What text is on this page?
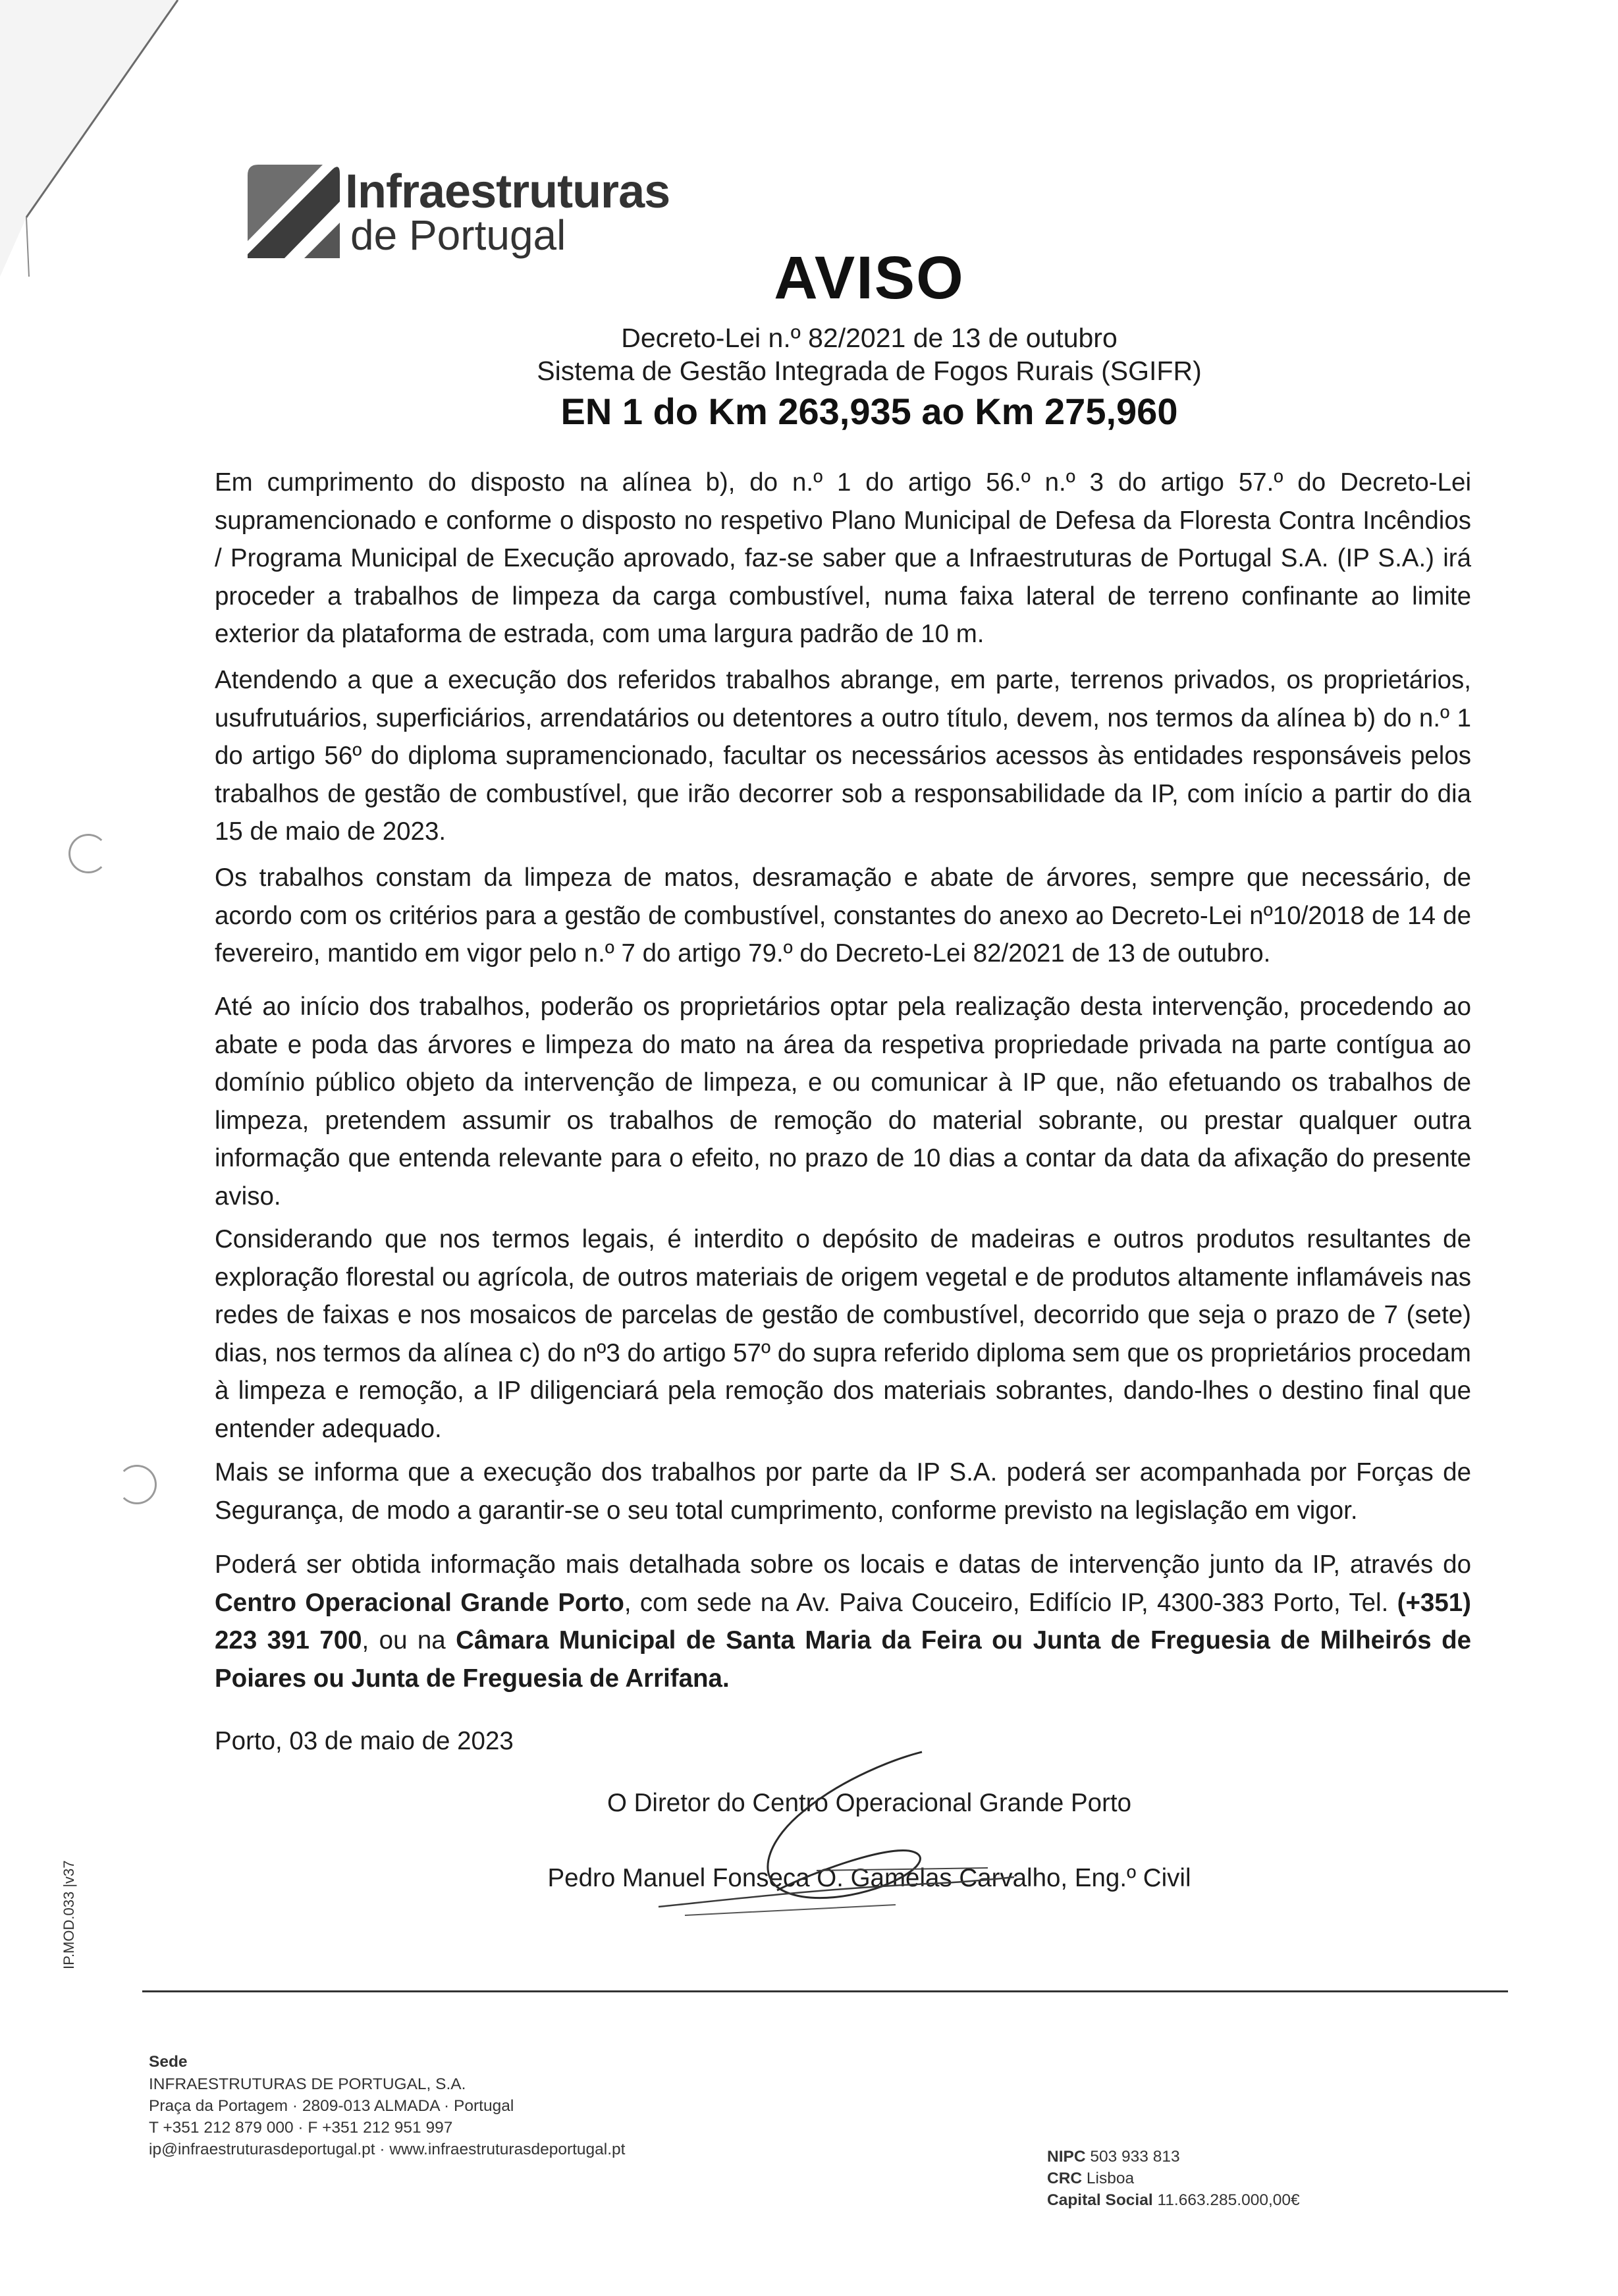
Infraestruturas
de Portugal
AVISO
Decreto-Lei n.º 82/2021 de 13 de outubro
Sistema de Gestão Integrada de Fogos Rurais (SGIFR)
EN 1 do Km 263,935 ao Km 275,960

Em cumprimento do disposto na alínea b), do n.º 1 do artigo 56.º n.º 3 do artigo 57.º do Decreto-Lei supramencionado e conforme o disposto no respetivo Plano Municipal de Defesa da Floresta Contra Incêndios / Programa Municipal de Execução aprovado, faz-se saber que a Infraestruturas de Portugal S.A. (IP S.A.) irá proceder a trabalhos de limpeza da carga combustível, numa faixa lateral de terreno confinante ao limite exterior da plataforma de estrada, com uma largura padrão de 10 m.

Atendendo a que a execução dos referidos trabalhos abrange, em parte, terrenos privados, os proprietários, usufrutuários, superficiários, arrendatários ou detentores a outro título, devem, nos termos da alínea b) do n.º 1 do artigo 56º do diploma supramencionado, facultar os necessários acessos às entidades responsáveis pelos trabalhos de gestão de combustível, que irão decorrer sob a responsabilidade da IP, com início a partir do dia 15 de maio de 2023.

Os trabalhos constam da limpeza de matos, desramação e abate de árvores, sempre que necessário, de acordo com os critérios para a gestão de combustível, constantes do anexo ao Decreto-Lei nº10/2018 de 14 de fevereiro, mantido em vigor pelo n.º 7 do artigo 79.º do Decreto-Lei 82/2021 de 13 de outubro.

Até ao início dos trabalhos, poderão os proprietários optar pela realização desta intervenção, procedendo ao abate e poda das árvores e limpeza do mato na área da respetiva propriedade privada na parte contígua ao domínio público objeto da intervenção de limpeza, e ou comunicar à IP que, não efetuando os trabalhos de limpeza, pretendem assumir os trabalhos de remoção do material sobrante, ou prestar qualquer outra informação que entenda relevante para o efeito, no prazo de 10 dias a contar da data da afixação do presente aviso.

Considerando que nos termos legais, é interdito o depósito de madeiras e outros produtos resultantes de exploração florestal ou agrícola, de outros materiais de origem vegetal e de produtos altamente inflamáveis nas redes de faixas e nos mosaicos de parcelas de gestão de combustível, decorrido que seja o prazo de 7 (sete) dias, nos termos da alínea c) do nº3 do artigo 57º do supra referido diploma sem que os proprietários procedam à limpeza e remoção, a IP diligenciará pela remoção dos materiais sobrantes, dando-lhes o destino final que entender adequado.

Mais se informa que a execução dos trabalhos por parte da IP S.A. poderá ser acompanhada por Forças de Segurança, de modo a garantir-se o seu total cumprimento, conforme previsto na legislação em vigor.

Poderá ser obtida informação mais detalhada sobre os locais e datas de intervenção junto da IP, através do Centro Operacional Grande Porto, com sede na Av. Paiva Couceiro, Edifício IP, 4300-383 Porto, Tel. (+351) 223 391 700, ou na Câmara Municipal de Santa Maria da Feira ou Junta de Freguesia de Milheirós de Poiares ou Junta de Freguesia de Arrifana.

Porto, 03 de maio de 2023
O Diretor do Centro Operacional Grande Porto
Pedro Manuel Fonseca O. Gamelas Carvalho, Eng.º Civil
IP.MOD.033 |v37
Sede
INFRAESTRUTURAS DE PORTUGAL, S.A.
Praça da Portagem · 2809-013 ALMADA · Portugal
T +351 212 879 000 · F +351 212 951 997
ip@infraestruturasdeportugal.pt · www.infraestruturasdeportugal.pt	NIPC 503 933 813
CRC Lisboa
Capital Social 11.663.285.000,00€
